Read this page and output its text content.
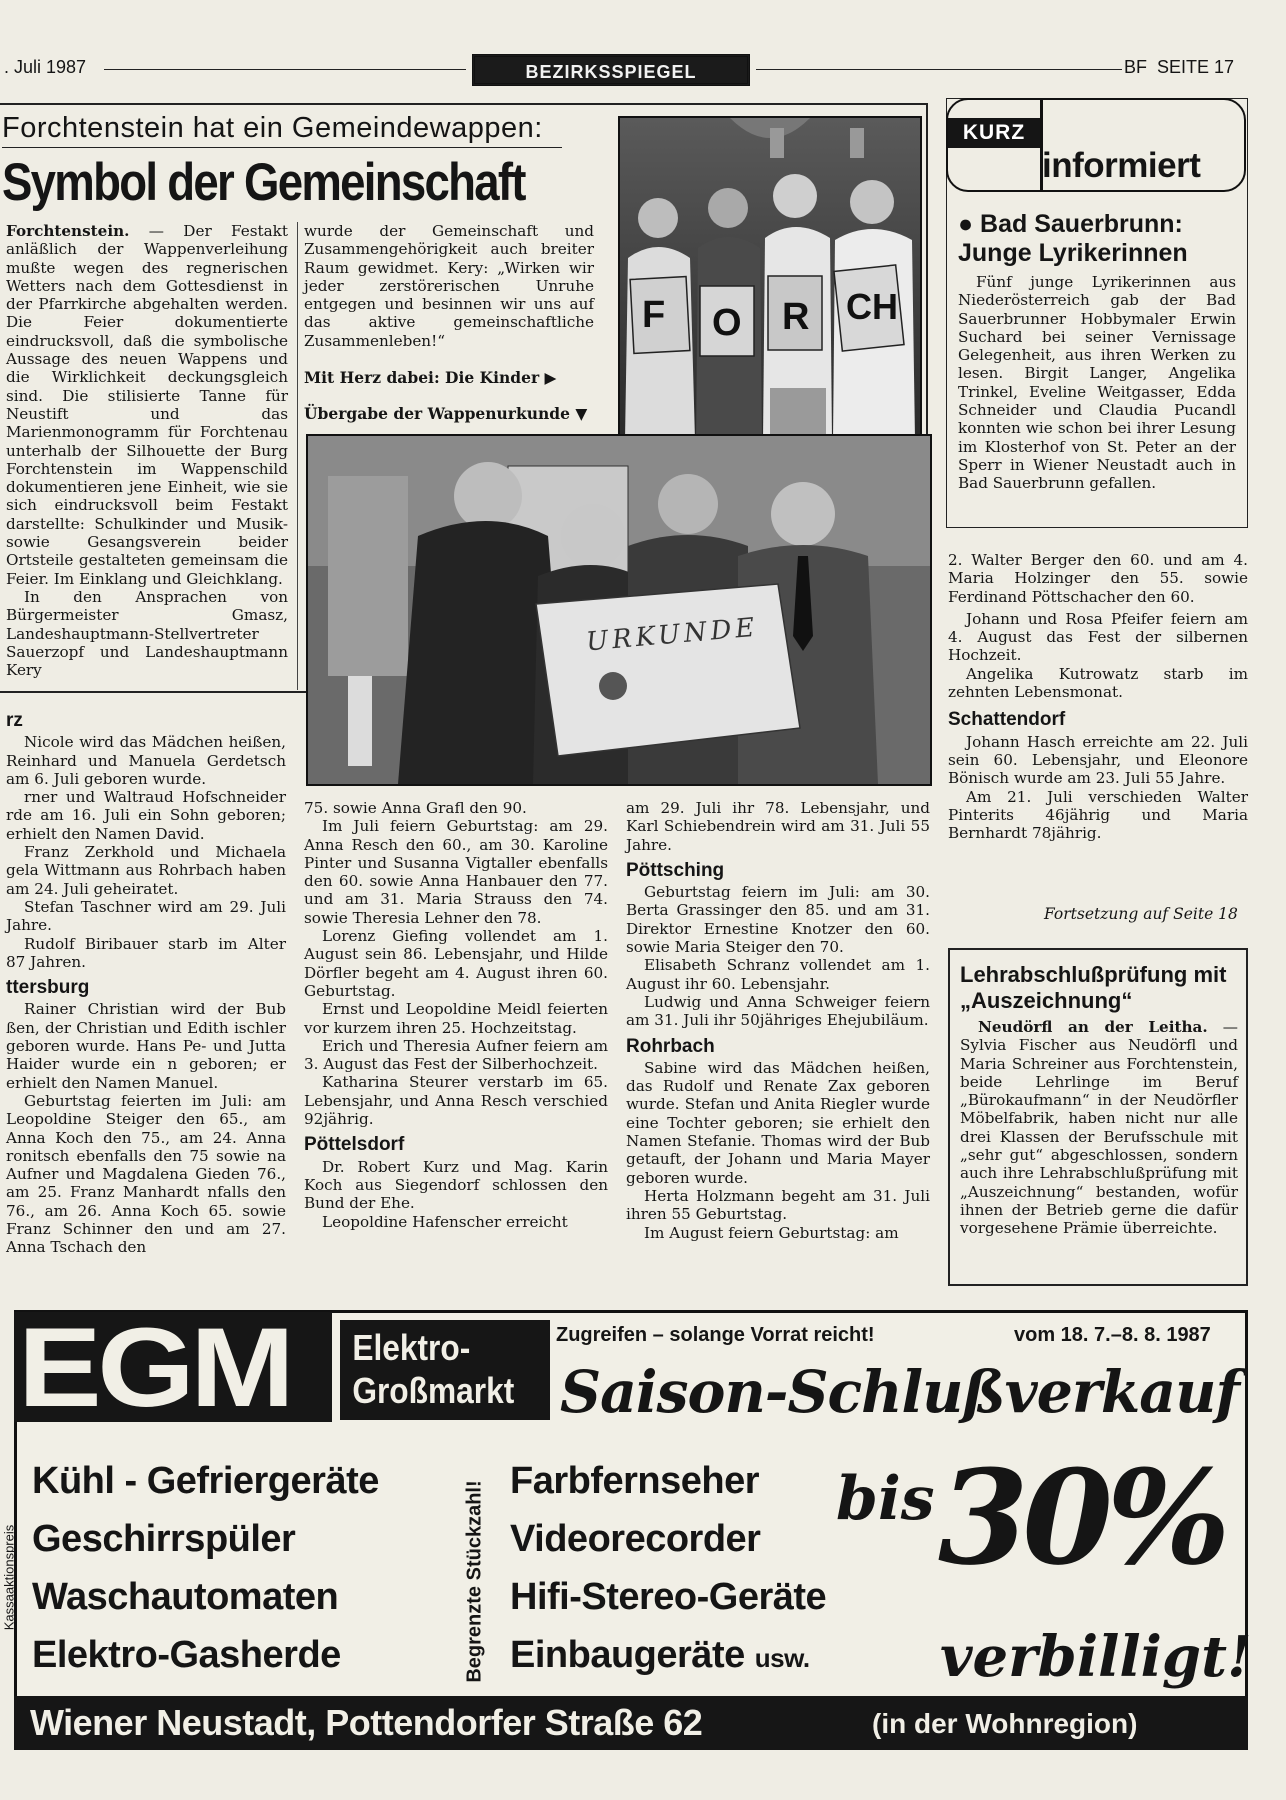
. Juli 1987	BEZIRKSSPIEGEL	BF  SEITE 17
Forchtenstein hat ein Gemeindewappen:
Symbol der Gemeinschaft

Forchtenstein. — Der Festakt anläßlich der Wappenverleihung mußte wegen des regnerischen Wetters nach dem Gottesdienst in der Pfarrkirche abgehalten werden. Die Feier dokumentierte eindrucksvoll, daß die symbolische Aussage des neuen Wappens und die Wirklichkeit deckungsgleich sind. Die stilisierte Tanne für Neustift und das Marienmonogramm für Forchtenau unterhalb der Silhouette der Burg Forchtenstein im Wappenschild dokumentieren jene Einheit, wie sie sich eindrucksvoll beim Festakt darstellte: Schulkinder und Musik- sowie Gesangsverein beider Ortsteile gestalteten gemeinsam die Feier. Im Einklang und Gleichklang.

In den Ansprachen von Bürgermeister Gmasz, Landeshauptmann-Stellvertreter Sauerzopf und Landeshauptmann Kery

wurde der Gemeinschaft und Zusammengehörigkeit auch breiter Raum gewidmet. Kery: „Wirken wir jeder zerstörerischen Unruhe entgegen und besinnen wir uns auf das aktive gemeinschaftliche Zusammenleben!“

Mit Herz dabei: Die Kinder ▶
Übergabe der Wappenurkunde ▼
F O R CH
URKUNDE
KURZ
informiert
● Bad Sauerbrunn: Junge Lyrikerinnen

Fünf junge Lyrikerinnen aus Niederösterreich gab der Bad Sauerbrunner Hobbymaler Erwin Suchard bei seiner Vernissage Gelegenheit, aus ihren Werken zu lesen. Birgit Langer, Angelika Trinkel, Eveline Weitgasser, Edda Schneider und Claudia Pucandl konnten wie schon bei ihrer Lesung im Klosterhof von St. Peter an der Sperr in Wiener Neustadt auch in Bad Sauerbrunn gefallen.

2. Walter Berger den 60. und am 4. Maria Holzinger den 55. sowie Ferdinand Pöttschacher den 60.

Johann und Rosa Pfeifer feiern am 4. August das Fest der silbernen Hochzeit.

Angelika Kutrowatz starb im zehnten Lebensmonat.

Schattendorf

Johann Hasch erreichte am 22. Juli sein 60. Lebensjahr, und Eleonore Bönisch wurde am 23. Juli 55 Jahre.

Am 21. Juli verschieden Walter Pinterits 46jährig und Maria Bernhardt 78jährig.

Fortsetzung auf Seite 18
Lehrabschlußprüfung mit „Auszeichnung“

Neudörfl an der Leitha. — Sylvia Fischer aus Neudörfl und Maria Schreiner aus Forchtenstein, beide Lehrlinge im Beruf „Bürokaufmann“ in der Neudörfler Möbelfabrik, haben nicht nur alle drei Klassen der Berufsschule mit „sehr gut“ abgeschlossen, sondern auch ihre Lehrabschlußprüfung mit „Auszeichnung“ bestanden, wofür ihnen der Betrieb gerne die dafür vorgesehene Prämie überreichte.

rz

Nicole wird das Mädchen heißen, Reinhard und Manuela Gerdetsch am 6. Juli geboren wurde.

rner und Waltraud Hofschneider rde am 16. Juli ein Sohn geboren; erhielt den Namen David.

Franz Zerkhold und Michaela gela Wittmann aus Rohrbach haben am 24. Juli geheiratet.

Stefan Taschner wird am 29. Juli Jahre.

Rudolf Biribauer starb im Alter 87 Jahren.

ttersburg

Rainer Christian wird der Bub ßen, der Christian und Edith ischler geboren wurde. Hans Pe- und Jutta Haider wurde ein n geboren; er erhielt den Namen Manuel.

Geburtstag feierten im Juli: am Leopoldine Steiger den 65., am Anna Koch den 75., am 24. Anna ronitsch ebenfalls den 75 sowie na Aufner und Magdalena Gieden 76., am 25. Franz Manhardt nfalls den 76., am 26. Anna Koch 65. sowie Franz Schinner den und am 27. Anna Tschach den

75. sowie Anna Grafl den 90.

Im Juli feiern Geburtstag: am 29. Anna Resch den 60., am 30. Karoline Pinter und Susanna Vigtaller ebenfalls den 60. sowie Anna Hanbauer den 77. und am 31. Maria Strauss den 74. sowie Theresia Lehner den 78.

Lorenz Giefing vollendet am 1. August sein 86. Lebensjahr, und Hilde Dörfler begeht am 4. August ihren 60. Geburtstag.

Ernst und Leopoldine Meidl feierten vor kurzem ihren 25. Hochzeitstag.

Erich und Theresia Aufner feiern am 3. August das Fest der Silberhochzeit.

Katharina Steurer verstarb im 65. Lebensjahr, und Anna Resch verschied 92jährig.

Pöttelsdorf

Dr. Robert Kurz und Mag. Karin Koch aus Siegendorf schlossen den Bund der Ehe.

Leopoldine Hafenscher erreicht

am 29. Juli ihr 78. Lebensjahr, und Karl Schiebendrein wird am 31. Juli 55 Jahre.

Pöttsching

Geburtstag feiern im Juli: am 30. Berta Grassinger den 85. und am 31. Direktor Ernestine Knotzer den 60. sowie Maria Steiger den 70.

Elisabeth Schranz vollendet am 1. August ihr 60. Lebensjahr.

Ludwig und Anna Schweiger feiern am 31. Juli ihr 50jähriges Ehejubiläum.

Rohrbach

Sabine wird das Mädchen heißen, das Rudolf und Renate Zax geboren wurde. Stefan und Anita Riegler wurde eine Tochter geboren; sie erhielt den Namen Stefanie. Thomas wird der Bub getauft, der Johann und Maria Mayer geboren wurde.

Herta Holzmann begeht am 31. Juli ihren 55 Geburtstag.

Im August feiern Geburtstag: am

Kassaaktionspreis
EGM	Elektro-
Großmarkt
Zugreifen – solange Vorrat reicht!	vom 18. 7.–8. 8. 1987
Saison-Schlußverkauf
Kühl - Gefriergeräte
Geschirrspüler
Waschautomaten
Elektro-Gasherde	Begrenzte Stückzahl! Farbfernseher
Videorecorder
Hifi-Stereo-Geräte
Einbaugeräte usw.
bis 30%
verbilligt!
Wiener Neustadt, Pottendorfer Straße 62	(in der Wohnregion)
